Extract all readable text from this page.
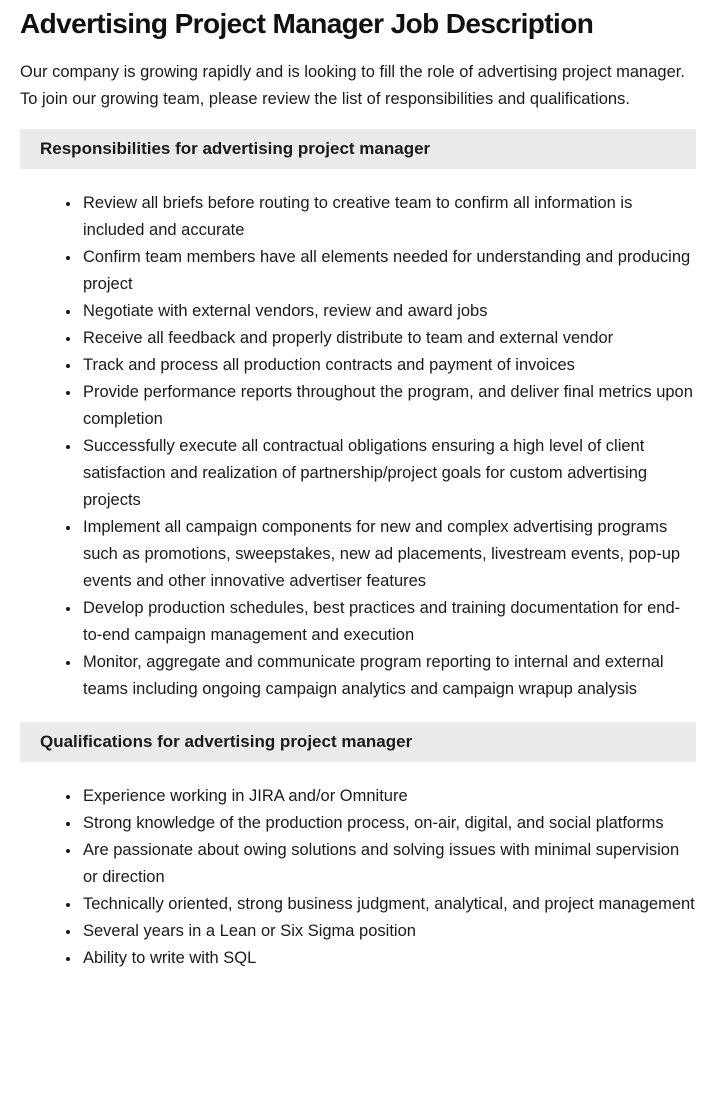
Advertising Project Manager Job Description

Our company is growing rapidly and is looking to fill the role of advertising project manager. To join our growing team, please review the list of responsibilities and qualifications.

Responsibilities for advertising project manager
• Review all briefs before routing to creative team to confirm all information is included and accurate
• Confirm team members have all elements needed for understanding and producing project
• Negotiate with external vendors, review and award jobs
• Receive all feedback and properly distribute to team and external vendor
• Track and process all production contracts and payment of invoices
• Provide performance reports throughout the program, and deliver final metrics upon completion
• Successfully execute all contractual obligations ensuring a high level of client satisfaction and realization of partnership/project goals for custom advertising projects
• Implement all campaign components for new and complex advertising programs such as promotions, sweepstakes, new ad placements, livestream events, pop-up events and other innovative advertiser features
• Develop production schedules, best practices and training documentation for end-to-end campaign management and execution
• Monitor, aggregate and communicate program reporting to internal and external teams including ongoing campaign analytics and campaign wrapup analysis
Qualifications for advertising project manager
• Experience working in JIRA and/or Omniture
• Strong knowledge of the production process, on-air, digital, and social platforms
• Are passionate about owing solutions and solving issues with minimal supervision or direction
• Technically oriented, strong business judgment, analytical, and project management
• Several years in a Lean or Six Sigma position
• Ability to write with SQL
